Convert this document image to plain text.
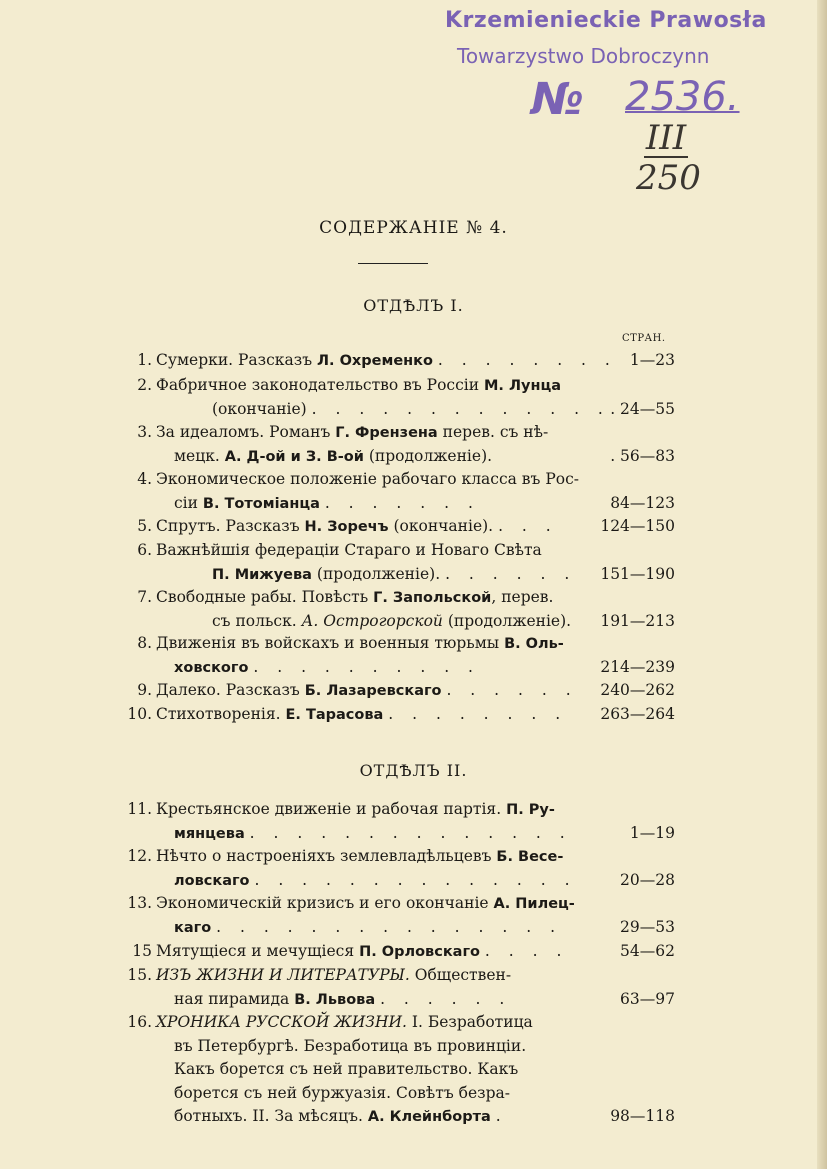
Krzemienieckie Prawosła
Towarzystwo Dobroczynn
№ 2536.
III
250
СОДЕРЖАНІЕ № 4.
ОТДѢЛЪ I.
СТРАН.
1. Сумерки. Разсказъ Л. Охременко . . . . . . . . 1—23
2. Фабричное законодательство въ Россіи М. Лунца
(окончаніе) . . . . . . . . . . . . . . 24—55
3. За идеаломъ. Романъ Г. Френзена перев. съ нѣ-
мецк. А. Д-ой и З. В-ой (продолженіе).	. 56—83
4. Экономическое положеніе рабочаго класса въ Рос-
сіи В. Тотоміанца . . . . . . .	84—123
5. Спрутъ. Разсказъ Н. Зоречъ (окончаніе). . . .	124—150
6. Важнѣйшія федераціи Стараго и Новаго Свѣта
П. Мижуева (продолженіе). . . . . . . 151—190
7. Свободные рабы. Повѣсть Г. Запольской, перев.
съ польск. А. Острогорской (продолженіе). 191—213
8. Движенія въ войскахъ и военныя тюрьмы В. Оль-
ховского . . . . . . . . . .	214—239
9. Далеко. Разсказъ Б. Лазаревскаго . . . . . . 240—262
10. Стихотворенія. Е. Тарасова . . . . . . . . 263—264
ОТДѢЛЪ II.
11. Крестьянское движеніе и рабочая партія. П. Ру-
мянцева . . . . . . . . . . . . . .	1—19
12. Нѣчто о настроеніяхъ землевладѣльцевъ Б. Весе-
ловскаго . . . . . . . . . . . . . .	20—28
13. Экономическій кризисъ и его окончаніе А. Пилец-
каго . . . . . . . . . . . . . . .	29—53
15 Мятущіеся и мечущіеся П. Орловскаго . . . .	54—62
15. ИЗЪ ЖИЗНИ И ЛИТЕРАТУРЫ. Обществен-
ная пирамида В. Львова . . . . . .	63—97
16. ХРОНИКА РУССКОЙ ЖИЗНИ. I. Безработица
въ Петербургѣ. Безработица въ провинціи.
Какъ борется съ ней правительство. Какъ
борется съ ней буржуазія. Совѣтъ безра-
ботныхъ. II. За мѣсяцъ. А. Клейнборта .	98—118
